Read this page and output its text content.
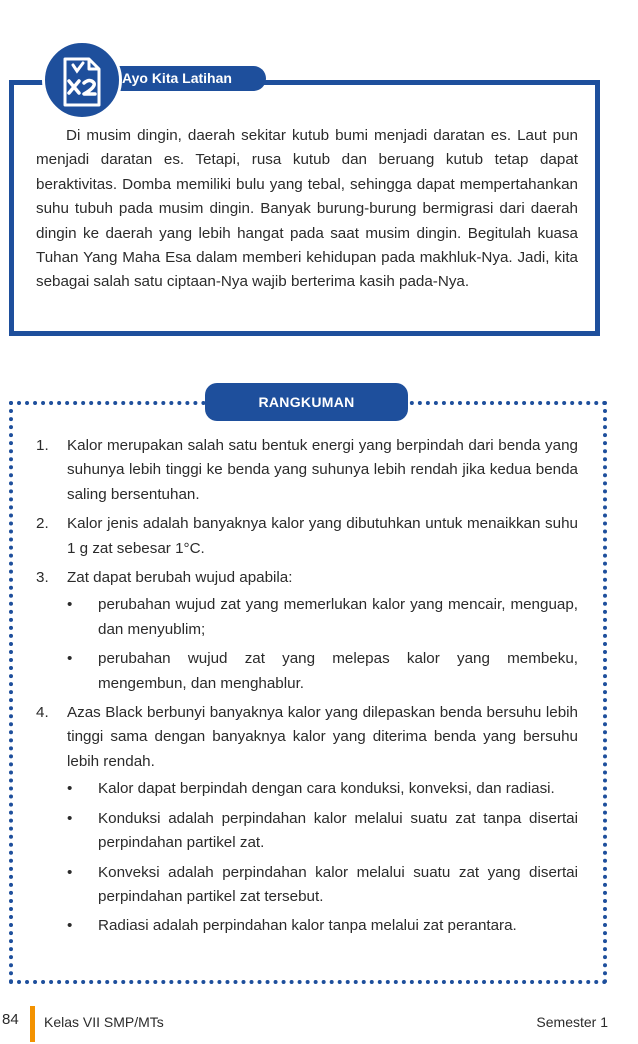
Ayo Kita Latihan

Di musim dingin, daerah sekitar kutub bumi menjadi daratan es. Laut pun menjadi daratan es. Tetapi, rusa kutub dan beruang kutub tetap dapat beraktivitas. Domba memiliki bulu yang tebal, sehingga dapat mempertahankan suhu tubuh pada musim dingin. Banyak burung-burung bermigrasi dari daerah dingin ke daerah yang lebih hangat pada saat musim dingin. Begitulah kuasa Tuhan Yang Maha Esa dalam memberi kehidupan pada makhluk-Nya. Jadi, kita sebagai salah satu ciptaan-Nya wajib berterima kasih pada-Nya.

RANGKUMAN
1. Kalor merupakan salah satu bentuk energi yang berpindah dari benda yang suhunya lebih tinggi ke benda yang suhunya lebih rendah jika kedua benda saling bersentuhan.
2. Kalor jenis adalah banyaknya kalor yang dibutuhkan untuk menaikkan suhu 1 g zat sebesar 1°C.
3. Zat dapat berubah wujud apabila:
• perubahan wujud zat yang memerlukan kalor yang mencair, menguap, dan menyublim;
• perubahan wujud zat yang melepas kalor yang membeku, mengembun, dan menghablur.
4. Azas Black berbunyi banyaknya kalor yang dilepaskan benda bersuhu lebih tinggi sama dengan banyaknya kalor yang diterima benda yang bersuhu lebih rendah.
• Kalor dapat berpindah dengan cara konduksi, konveksi, dan radiasi.
• Konduksi adalah perpindahan kalor melalui suatu zat tanpa disertai perpindahan partikel zat.
• Konveksi adalah perpindahan kalor melalui suatu zat yang disertai perpindahan partikel zat tersebut.
• Radiasi adalah perpindahan kalor tanpa melalui zat perantara.
84 Kelas VII SMP/MTs	Semester 1
